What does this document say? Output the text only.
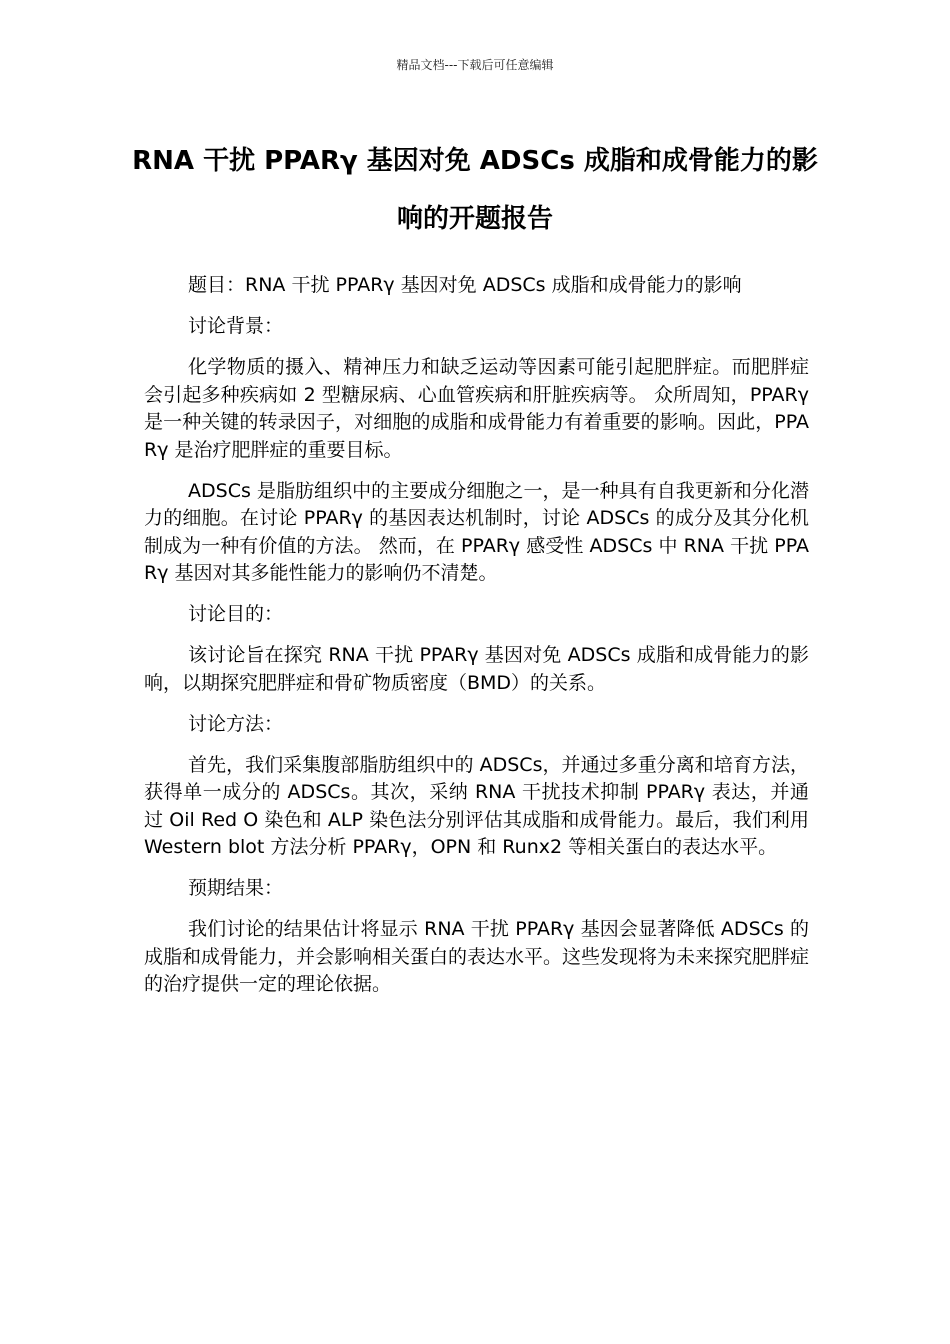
精品文档---下载后可任意编辑
RNA 干扰 PPARγ 基因对免 ADSCs 成脂和成骨能力的影响的开题报告

题目：RNA 干扰 PPARγ 基因对免 ADSCs 成脂和成骨能力的影响

讨论背景：

化学物质的摄入、精神压力和缺乏运动等因素可能引起肥胖症。而肥胖症会引起多种疾病如 2 型糖尿病、心血管疾病和肝脏疾病等。 众所周知，PPARγ 是一种关键的转录因子，对细胞的成脂和成骨能力有着重要的影响。因此，PPARγ 是治疗肥胖症的重要目标。

ADSCs 是脂肪组织中的主要成分细胞之一，是一种具有自我更新和分化潜力的细胞。在讨论 PPARγ 的基因表达机制时，讨论 ADSCs 的成分及其分化机制成为一种有价值的方法。 然而，在 PPARγ 感受性 ADSCs 中 RNA 干扰 PPARγ 基因对其多能性能力的影响仍不清楚。

讨论目的：

该讨论旨在探究 RNA 干扰 PPARγ 基因对免 ADSCs 成脂和成骨能力的影响，以期探究肥胖症和骨矿物质密度（BMD）的关系。

讨论方法：

首先，我们采集腹部脂肪组织中的 ADSCs，并通过多重分离和培育方法，获得单一成分的 ADSCs。其次，采纳 RNA 干扰技术抑制 PPARγ 表达，并通过 Oil Red O 染色和 ALP 染色法分别评估其成脂和成骨能力。最后，我们利用 Western blot 方法分析 PPARγ，OPN 和 Runx2 等相关蛋白的表达水平。

预期结果：

我们讨论的结果估计将显示 RNA 干扰 PPARγ 基因会显著降低 ADSCs 的成脂和成骨能力，并会影响相关蛋白的表达水平。这些发现将为未来探究肥胖症的治疗提供一定的理论依据。
